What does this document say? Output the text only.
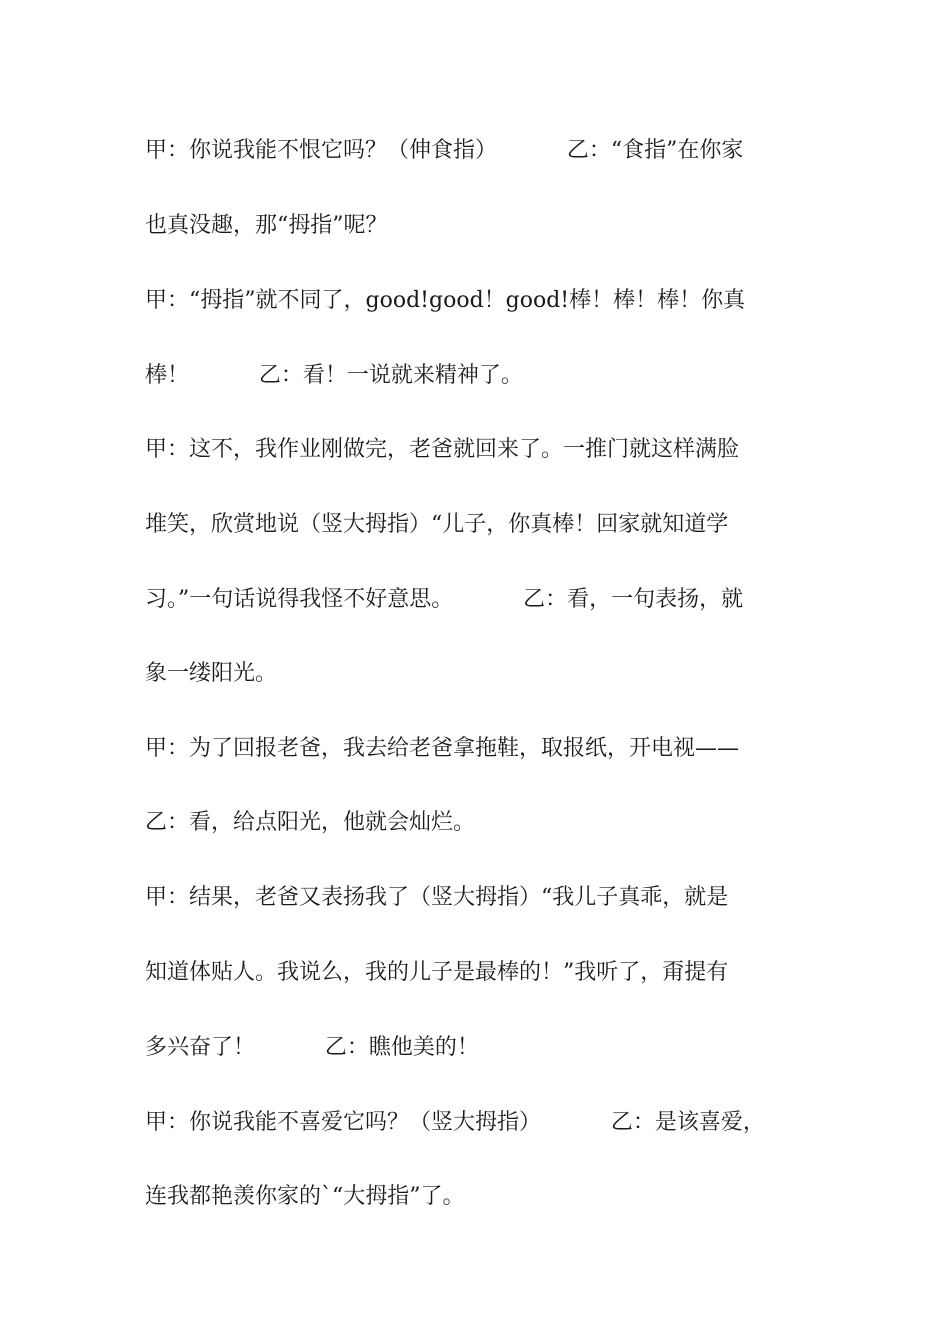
甲：你说我能不恨它吗？（伸食指）          乙：“食指”在你家
也真没趣，那“拇指”呢？
甲：“拇指”就不同了，good!good！good!棒！棒！棒！你真
棒！          乙：看！一说就来精神了。
甲：这不，我作业刚做完，老爸就回来了。一推门就这样满脸
堆笑，欣赏地说（竖大拇指）“儿子，你真棒！回家就知道学
习。”一句话说得我怪不好意思。          乙：看，一句表扬，就
象一缕阳光。
甲：为了回报老爸，我去给老爸拿拖鞋，取报纸，开电视——
乙：看，给点阳光，他就会灿烂。
甲：结果，老爸又表扬我了（竖大拇指）“我儿子真乖，就是
知道体贴人。我说么，我的儿子是最棒的！”我听了，甭提有
多兴奋了！          乙：瞧他美的！
甲：你说我能不喜爱它吗？（竖大拇指）          乙：是该喜爱，
连我都艳羡你家的`“大拇指”了。
